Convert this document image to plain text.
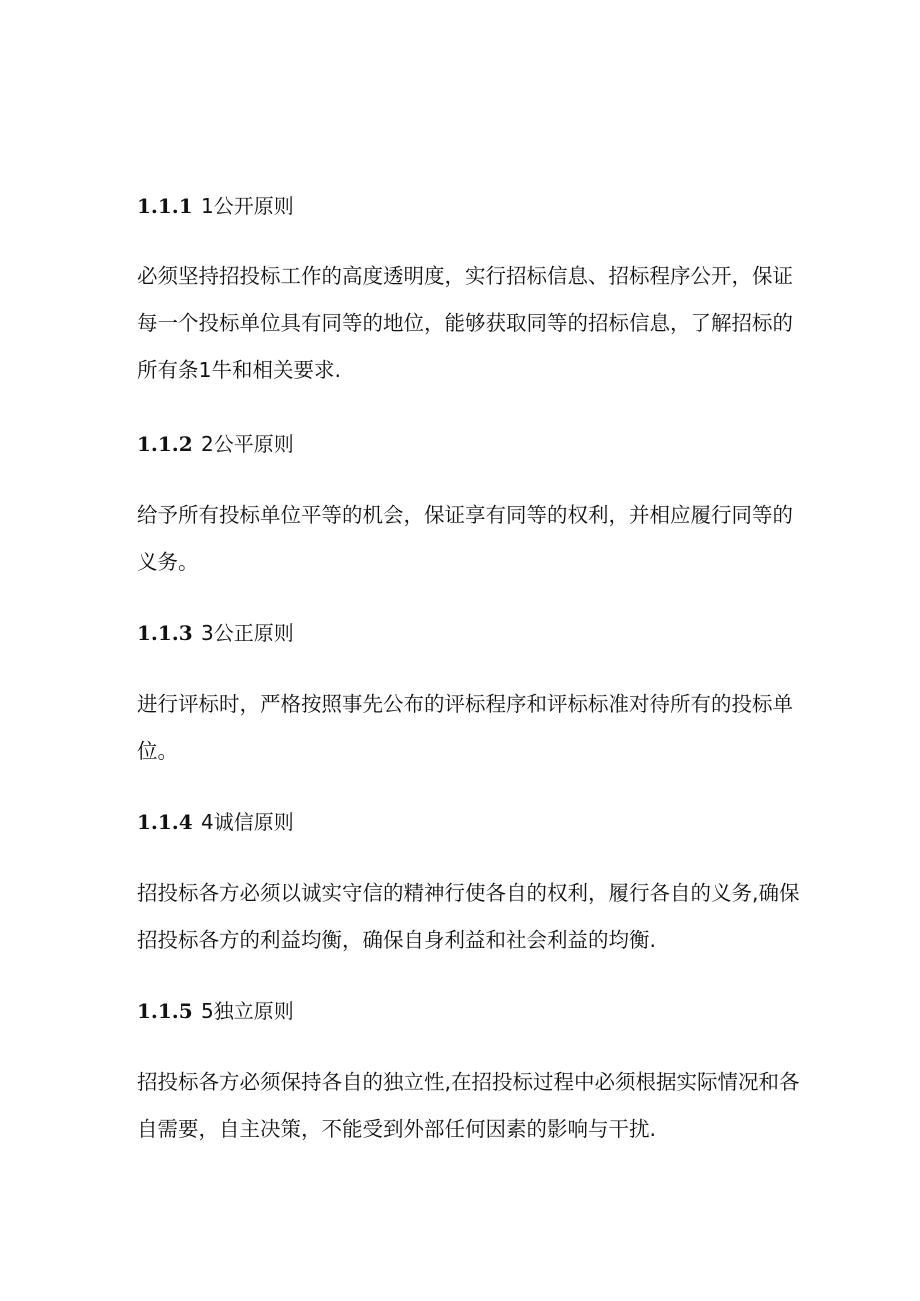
1.1.1 1公开原则
必须坚持招投标工作的高度透明度，实行招标信息、招标程序公开，保证
每一个投标单位具有同等的地位，能够获取同等的招标信息，了解招标的
所有条1牛和相关要求.
1.1.2 2公平原则
给予所有投标单位平等的机会，保证享有同等的权利，并相应履行同等的
义务。
1.1.3 3公正原则
进行评标时，严格按照事先公布的评标程序和评标标准对待所有的投标单
位。
1.1.4 4诚信原则
招投标各方必须以诚实守信的精神行使各自的权利，履行各自的义务,确保
招投标各方的利益均衡，确保自身利益和社会利益的均衡.
1.1.5 5独立原则
招投标各方必须保持各自的独立性,在招投标过程中必须根据实际情况和各
自需要，自主决策，不能受到外部任何因素的影响与干扰.
